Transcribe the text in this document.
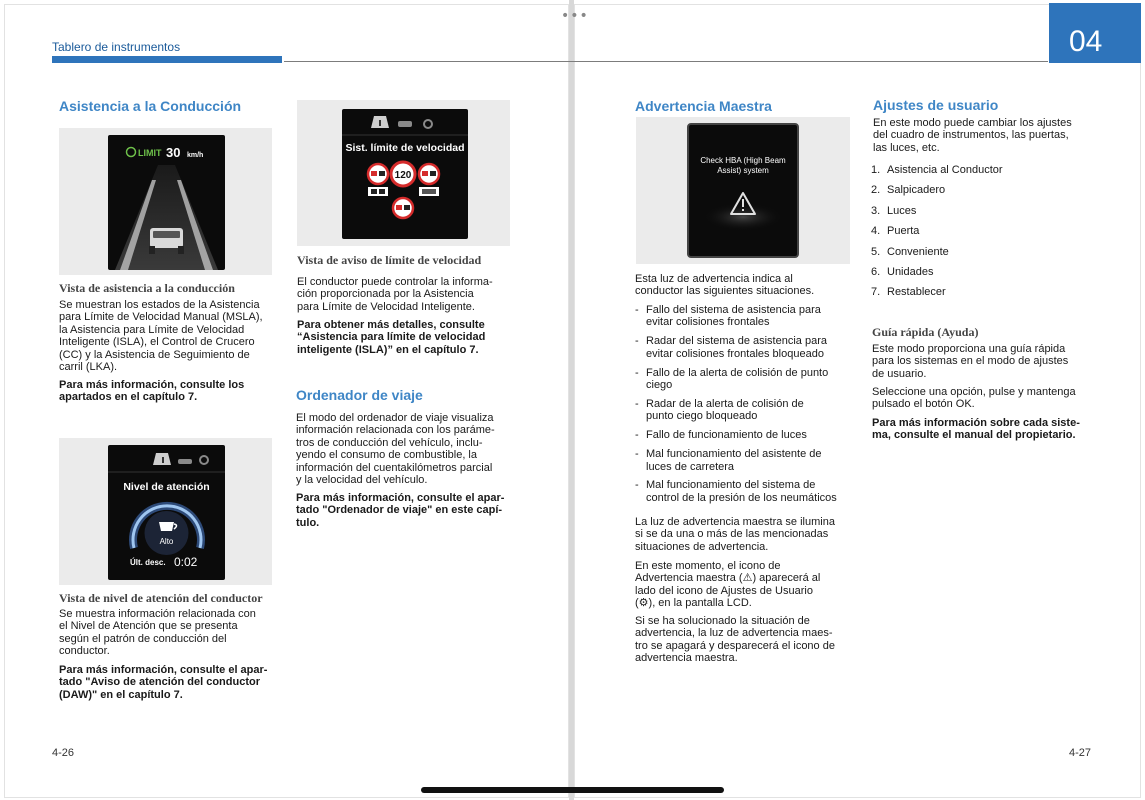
•••
Tablero de instrumentos	04
Asistencia a la Conducción
LIMIT 30 km/h
Vista de asistencia a la conducción
Se muestran los estados de la Asistencia
para Límite de Velocidad Manual (MSLA),
la Asistencia para Límite de Velocidad
Inteligente (ISLA), el Control de Crucero
(CC) y la Asistencia de Seguimiento de
carril (LKA).
Para más información, consulte los
apartados en el capítulo 7.
Nivel de atención
Alto
Últ. desc. 0:02
Vista de nivel de atención del conductor
Se muestra información relacionada con
el Nivel de Atención que se presenta
según el patrón de conducción del
conductor.
Para más información, consulte el apar-
tado "Aviso de atención del conductor
(DAW)" en el capítulo 7.
Sist. límite de velocidad
120
Vista de aviso de límite de velocidad
El conductor puede controlar la informa-
ción proporcionada por la Asistencia
para Límite de Velocidad Inteligente.
Para obtener más detalles, consulte
“Asistencia para límite de velocidad
inteligente (ISLA)” en el capítulo 7.
Ordenador de viaje
El modo del ordenador de viaje visualiza
información relacionada con los paráme-
tros de conducción del vehículo, inclu-
yendo el consumo de combustible, la
información del cuentakilómetros parcial
y la velocidad del vehículo.
Para más información, consulte el apar-
tado "Ordenador de viaje" en este capí-
tulo.
4-26
Advertencia Maestra
Check HBA (High Beam
Assist) system
Esta luz de advertencia indica al
conductor las siguientes situaciones.
- Fallo del sistema de asistencia para
evitar colisiones frontales
- Radar del sistema de asistencia para
evitar colisiones frontales bloqueado
- Fallo de la alerta de colisión de punto
ciego
- Radar de la alerta de colisión de
punto ciego bloqueado
- Fallo de funcionamiento de luces
- Mal funcionamiento del asistente de
luces de carretera
- Mal funcionamiento del sistema de
control de la presión de los neumáticos
La luz de advertencia maestra se ilumina
si se da una o más de las mencionadas
situaciones de advertencia.
En este momento, el icono de
Advertencia maestra (⚠) aparecerá al
lado del icono de Ajustes de Usuario
(⚙), en la pantalla LCD.
Si se ha solucionado la situación de
advertencia, la luz de advertencia maes-
tro se apagará y desparecerá el icono de
advertencia maestra.
Ajustes de usuario
En este modo puede cambiar los ajustes
del cuadro de instrumentos, las puertas,
las luces, etc.
1. Asistencia al Conductor
2. Salpicadero
3. Luces
4. Puerta
5. Conveniente
6. Unidades
7. Restablecer
Guía rápida (Ayuda)
Este modo proporciona una guía rápida
para los sistemas en el modo de ajustes
de usuario.
Seleccione una opción, pulse y mantenga
pulsado el botón OK.
Para más información sobre cada siste-
ma, consulte el manual del propietario.
4-27
